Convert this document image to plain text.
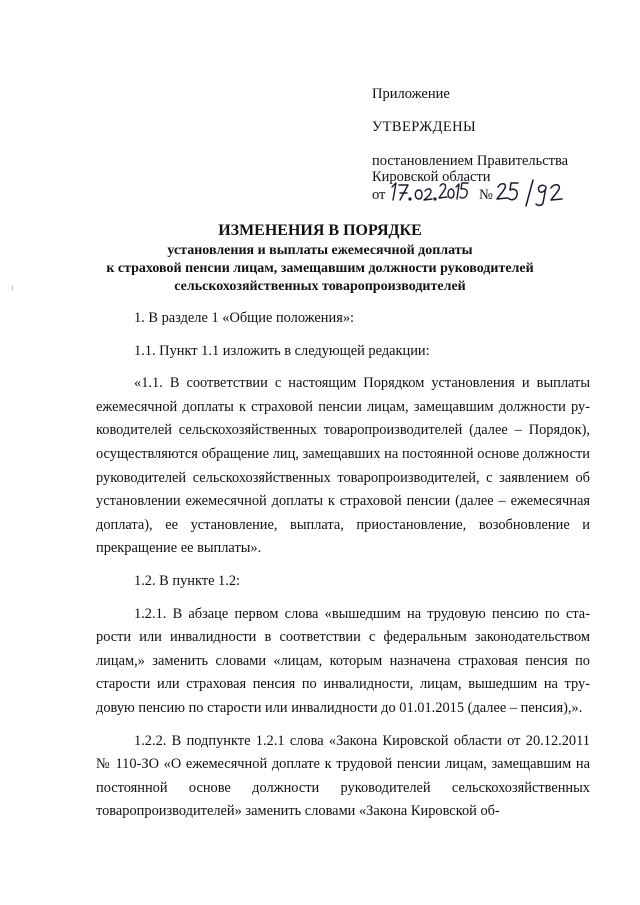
Приложение
УТВЕРЖДЕНЫ
постановлением Правительства
Кировской области
от	№
ИЗМЕНЕНИЯ В ПОРЯДКЕ
установления и выплаты ежемесячной доплаты
к страховой пенсии лицам, замещавшим должности руководителей
сельскохозяйственных товаропроизводителей

1. В разделе 1 «Общие положения»:

1.1. Пункт 1.1 изложить в следующей редакции:

«1.1. В соответствии с настоящим Порядком установления и выплаты ежемесячной доплаты к страховой пенсии лицам, замещавшим должности руководителей сельскохозяйственных товаропроизводителей (далее – Порядок), осуществляются обращение лиц, замещавших на постоянной основе должности руководителей сельскохозяйственных товаропроизводителей, с заявлением об установлении ежемесячной доплаты к страховой пенсии (далее – ежемесячная доплата), ее установление, выплата, приостановление, возобновление и прекращение ее выплаты».

1.2. В пункте 1.2:

1.2.1. В абзаце первом слова «вышедшим на трудовую пенсию по старости или инвалидности в соответствии с федеральным законодательством лицам,» заменить словами «лицам, которым назначена страховая пенсия по старости или страховая пенсия по инвалидности, лицам, вышедшим на трудовую пенсию по старости или инвалидности до 01.01.2015 (далее – пенсия),».

1.2.2. В подпункте 1.2.1 слова «Закона Кировской области от 20.12.2011 № 110-ЗО «О ежемесячной доплате к трудовой пенсии лицам, замещавшим на постоянной основе должности руководителей сельскохозяйственных товаропроизводителей» заменить словами «Закона Кировской об-
